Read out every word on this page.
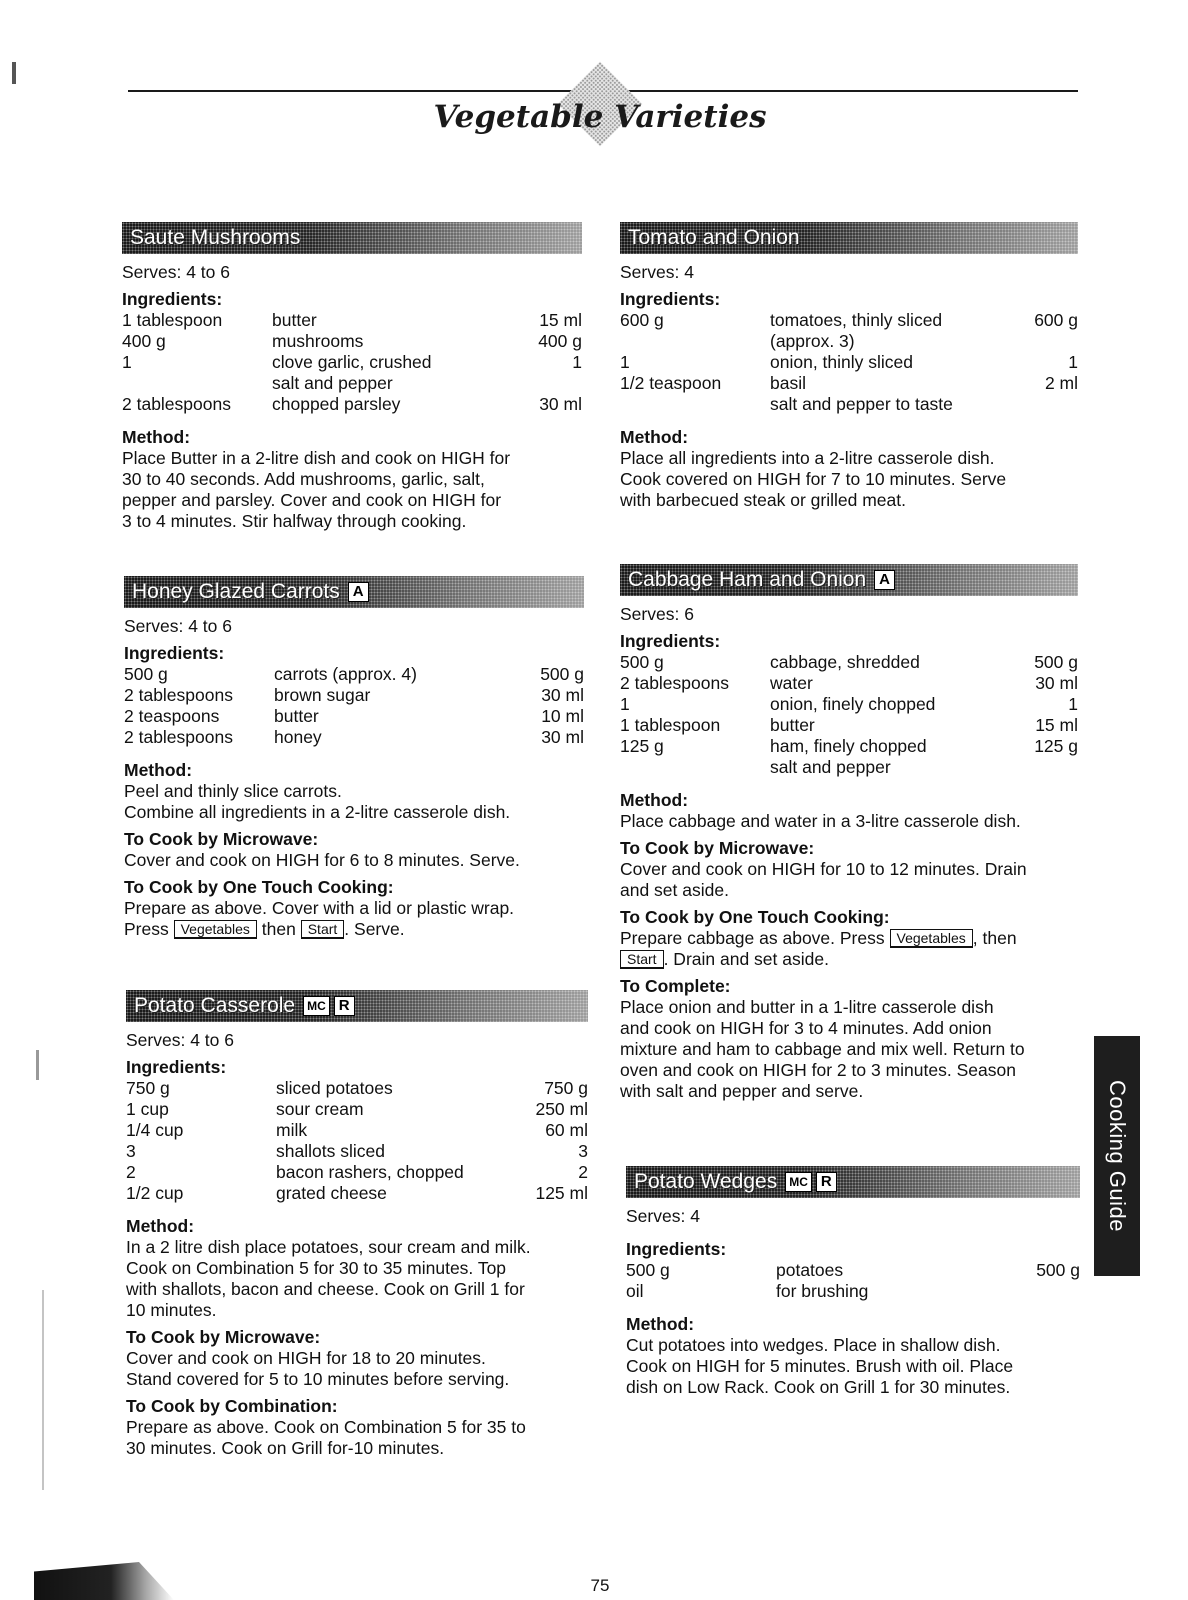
Vegetable Varieties
Saute Mushrooms
Serves: 4 to 6
Ingredients:
1 tablespoon	butter	15 ml
400 g	mushrooms	400 g
1	clove garlic, crushed	1
	salt and pepper	
2 tablespoons	chopped parsley	30 ml
Method:
Place Butter in a 2-litre dish and cook on HIGH for
30 to 40 seconds. Add mushrooms, garlic, salt,
pepper and parsley. Cover and cook on HIGH for
3 to 4 minutes. Stir halfway through cooking.
Honey Glazed Carrots A
Serves: 4 to 6
Ingredients:
500 g	carrots (approx. 4)	500 g
2 tablespoons	brown sugar	30 ml
2 teaspoons	butter	10 ml
2 tablespoons	honey	30 ml
Method:
Peel and thinly slice carrots.
Combine all ingredients in a 2-litre casserole dish.
To Cook by Microwave:
Cover and cook on HIGH for 6 to 8 minutes. Serve.
To Cook by One Touch Cooking:
Prepare as above. Cover with a lid or plastic wrap.
Press Vegetables then Start . Serve.
Potato Casserole MC R
Serves: 4 to 6
Ingredients:
750 g	sliced potatoes	750 g
1 cup	sour cream	250 ml
1/4 cup	milk	60 ml
3	shallots sliced	3
2	bacon rashers, chopped	2
1/2 cup	grated cheese	125 ml
Method:
In a 2 litre dish place potatoes, sour cream and milk.
Cook on Combination 5 for 30 to 35 minutes. Top
with shallots, bacon and cheese. Cook on Grill 1 for
10 minutes.
To Cook by Microwave:
Cover and cook on HIGH for 18 to 20 minutes.
Stand covered for 5 to 10 minutes before serving.
To Cook by Combination:
Prepare as above. Cook on Combination 5 for 35 to
30 minutes. Cook on Grill for-10 minutes.
Tomato and Onion
Serves: 4
Ingredients:
600 g	tomatoes, thinly sliced	600 g
	(approx. 3)	
1	onion, thinly sliced	1
1/2 teaspoon	basil	2 ml
	salt and pepper to taste	
Method:
Place all ingredients into a 2-litre casserole dish.
Cook covered on HIGH for 7 to 10 minutes. Serve
with barbecued steak or grilled meat.
Cabbage Ham and Onion A
Serves: 6
Ingredients:
500 g	cabbage, shredded	500 g
2 tablespoons	water	30 ml
1	onion, finely chopped	1
1 tablespoon	butter	15 ml
125 g	ham, finely chopped	125 g
	salt and pepper	
Method:
Place cabbage and water in a 3-litre casserole dish.
To Cook by Microwave:
Cover and cook on HIGH for 10 to 12 minutes. Drain
and set aside.
To Cook by One Touch Cooking:
Prepare cabbage as above. Press Vegetables , then
Start . Drain and set aside.
To Complete:
Place onion and butter in a 1-litre casserole dish
and cook on HIGH for 3 to 4 minutes. Add onion
mixture and ham to cabbage and mix well. Return to
oven and cook on HIGH for 2 to 3 minutes. Season
with salt and pepper and serve.
Potato Wedges MC R
Serves: 4
Ingredients:
500 g	potatoes	500 g
oil	for brushing	
Method:
Cut potatoes into wedges. Place in shallow dish.
Cook on HIGH for 5 minutes. Brush with oil. Place
dish on Low Rack. Cook on Grill 1 for 30 minutes.
Cooking Guide
75
